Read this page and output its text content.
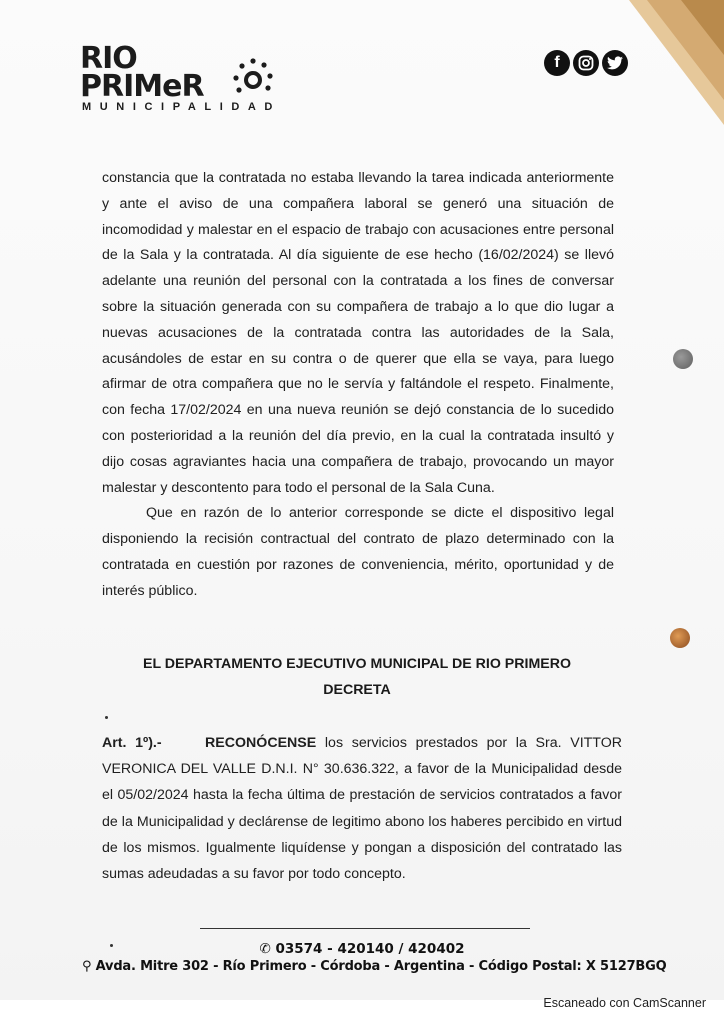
RIO
PRIMeR
MUNICIPALIDAD
f

constancia que la contratada no estaba llevando la tarea indicada anteriormente y ante el aviso de una compañera laboral se generó una situación de incomodidad y malestar en el espacio de trabajo con acusaciones entre personal de la Sala y la contratada. Al día siguiente de ese hecho (16/02/2024) se llevó adelante una reunión del personal con la contratada a los fines de conversar sobre la situación generada con su compañera de trabajo a lo que dio lugar a nuevas acusaciones de la contratada contra las autoridades de la Sala, acusándoles de estar en su contra o de querer que ella se vaya, para luego afirmar de otra compañera que no le servía y faltándole el respeto. Finalmente, con fecha 17/02/2024 en una nueva reunión se dejó constancia de lo sucedido con posterioridad a la reunión del día previo, en la cual la contratada insultó y dijo cosas agraviantes hacia una compañera de trabajo, provocando un mayor malestar y descontento para todo el personal de la Sala Cuna.

Que en razón de lo anterior corresponde se dicte el dispositivo legal disponiendo la recisión contractual del contrato de plazo determinado con la contratada en cuestión por razones de conveniencia, mérito, oportunidad y de interés público.

EL DEPARTAMENTO EJECUTIVO MUNICIPAL DE RIO PRIMERO
DECRETA
Art. 1º).-	RECONÓCENSE los servicios prestados por la Sra. VITTOR VERONICA DEL VALLE D.N.I. N° 30.636.322, a favor de la Municipalidad desde el 05/02/2024 hasta la fecha última de prestación de servicios contratados a favor de la Municipalidad y declárense de legitimo abono los haberes percibido en virtud de los mismos. Igualmente liquídense y pongan a disposición del contratado las sumas adeudadas a su favor por todo concepto.
✆ 03574 - 420140 / 420402
⚲ Avda. Mitre 302 - Río Primero - Córdoba - Argentina - Código Postal: X 5127BGQ
Escaneado con CamScanner
